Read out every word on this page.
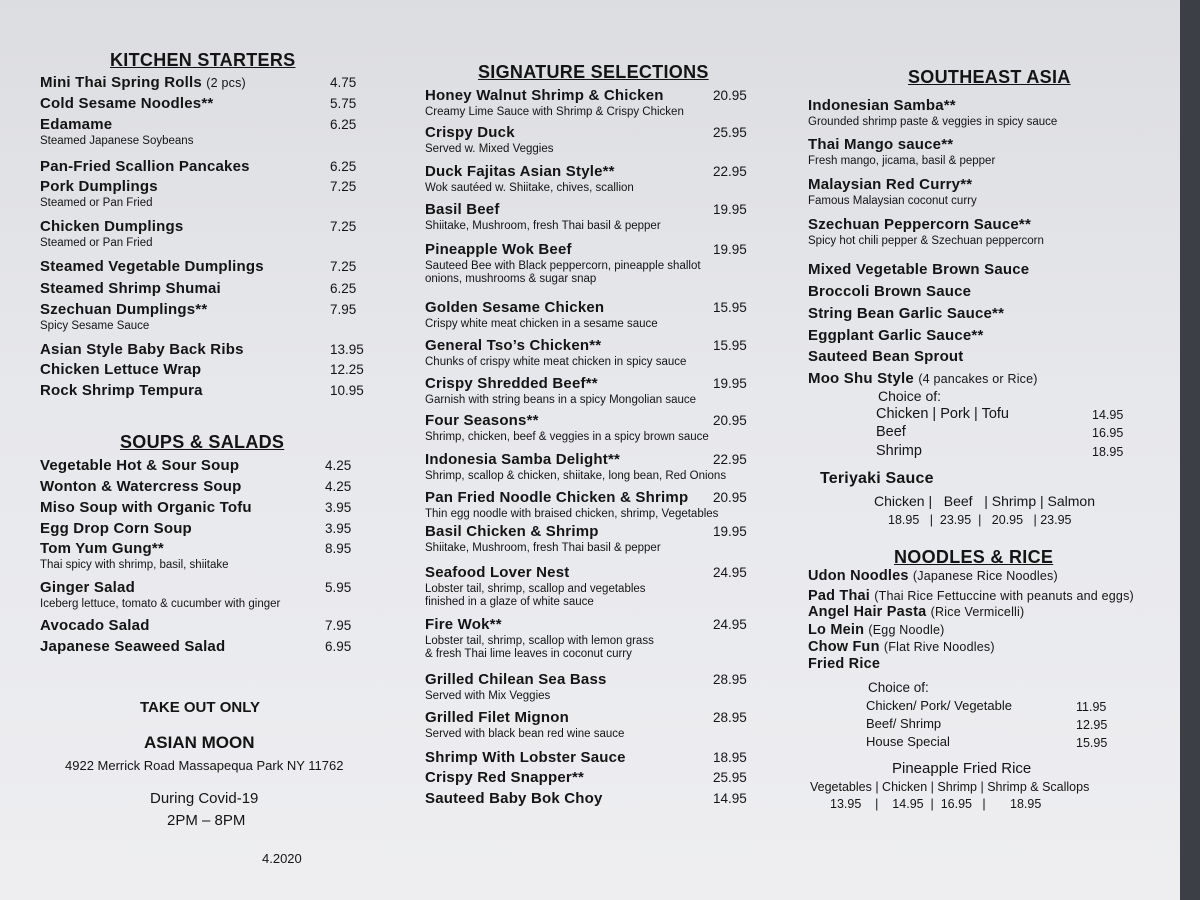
KITCHEN STARTERS
Mini Thai Spring Rolls (2 pcs)	4.75
Cold Sesame Noodles**	5.75
Edamame	6.25
Steamed Japanese Soybeans
Pan-Fried Scallion Pancakes	6.25
Pork Dumplings	7.25
Steamed or Pan Fried
Chicken Dumplings	7.25
Steamed or Pan Fried
Steamed Vegetable Dumplings	7.25
Steamed Shrimp Shumai	6.25
Szechuan Dumplings**	7.95
Spicy Sesame Sauce
Asian Style Baby Back Ribs	13.95
Chicken Lettuce Wrap	12.25
Rock Shrimp Tempura	10.95
SOUPS & SALADS
Vegetable Hot & Sour Soup	4.25
Wonton & Watercress Soup	4.25
Miso Soup with Organic Tofu	3.95
Egg Drop Corn Soup	3.95
Tom Yum Gung**	8.95
Thai spicy with shrimp, basil, shiitake
Ginger Salad	5.95
Iceberg lettuce, tomato & cucumber with ginger
Avocado Salad	7.95
Japanese Seaweed Salad	6.95
TAKE OUT ONLY
ASIAN MOON
4922 Merrick Road Massapequa Park NY 11762
During Covid-19
2PM – 8PM
4.2020
SIGNATURE SELECTIONS
Honey Walnut Shrimp & Chicken	20.95
Creamy Lime Sauce with Shrimp & Crispy Chicken
Crispy Duck	25.95
Served w. Mixed Veggies
Duck Fajitas Asian Style**	22.95
Wok sautéed w. Shiitake, chives, scallion
Basil Beef	19.95
Shiitake, Mushroom, fresh Thai basil & pepper
Pineapple Wok Beef	19.95
Sauteed Bee with Black peppercorn, pineapple shallot
onions, mushrooms & sugar snap
Golden Sesame Chicken	15.95
Crispy white meat chicken in a sesame sauce
General Tso’s Chicken**	15.95
Chunks of crispy white meat chicken in spicy sauce
Crispy Shredded Beef**	19.95
Garnish with string beans in a spicy Mongolian sauce
Four Seasons**	20.95
Shrimp, chicken, beef & veggies in a spicy brown sauce
Indonesia Samba Delight**	22.95
Shrimp, scallop & chicken, shiitake, long bean, Red Onions
Pan Fried Noodle Chicken & Shrimp 20.95
Thin egg noodle with braised chicken, shrimp, Vegetables
Basil Chicken & Shrimp	19.95
Shiitake, Mushroom, fresh Thai basil & pepper
Seafood Lover Nest	24.95
Lobster tail, shrimp, scallop and vegetables
finished in a glaze of white sauce
Fire Wok**	24.95
Lobster tail, shrimp, scallop with lemon grass
& fresh Thai lime leaves in coconut curry
Grilled Chilean Sea Bass	28.95
Served with Mix Veggies
Grilled Filet Mignon	28.95
Served with black bean red wine sauce
Shrimp With Lobster Sauce	18.95
Crispy Red Snapper**	25.95
Sauteed Baby Bok Choy	14.95
SOUTHEAST ASIA
Indonesian Samba**
Grounded shrimp paste & veggies in spicy sauce
Thai Mango sauce**
Fresh mango, jicama, basil & pepper
Malaysian Red Curry**
Famous Malaysian coconut curry
Szechuan Peppercorn Sauce**
Spicy hot chili pepper & Szechuan peppercorn
Mixed Vegetable Brown Sauce
Broccoli Brown Sauce
String Bean Garlic Sauce**
Eggplant Garlic Sauce**
Sauteed Bean Sprout
Moo Shu Style (4 pancakes or Rice)
Choice of:
Chicken | Pork | Tofu	14.95
Beef	16.95
Shrimp	18.95
Teriyaki Sauce
Chicken |   Beef   | Shrimp | Salmon
18.95   |  23.95  |   20.95   | 23.95
NOODLES & RICE
Udon Noodles (Japanese Rice Noodles)
Pad Thai (Thai Rice Fettuccine with peanuts and eggs)
Angel Hair Pasta (Rice Vermicelli)
Lo Mein (Egg Noodle)
Chow Fun (Flat Rive Noodles)
Fried Rice
Choice of:
Chicken/ Pork/ Vegetable	11.95
Beef/ Shrimp	12.95
House Special	15.95
Pineapple Fried Rice
Vegetables | Chicken | Shrimp | Shrimp & Scallops
13.95    |    14.95  |  16.95   |       18.95
